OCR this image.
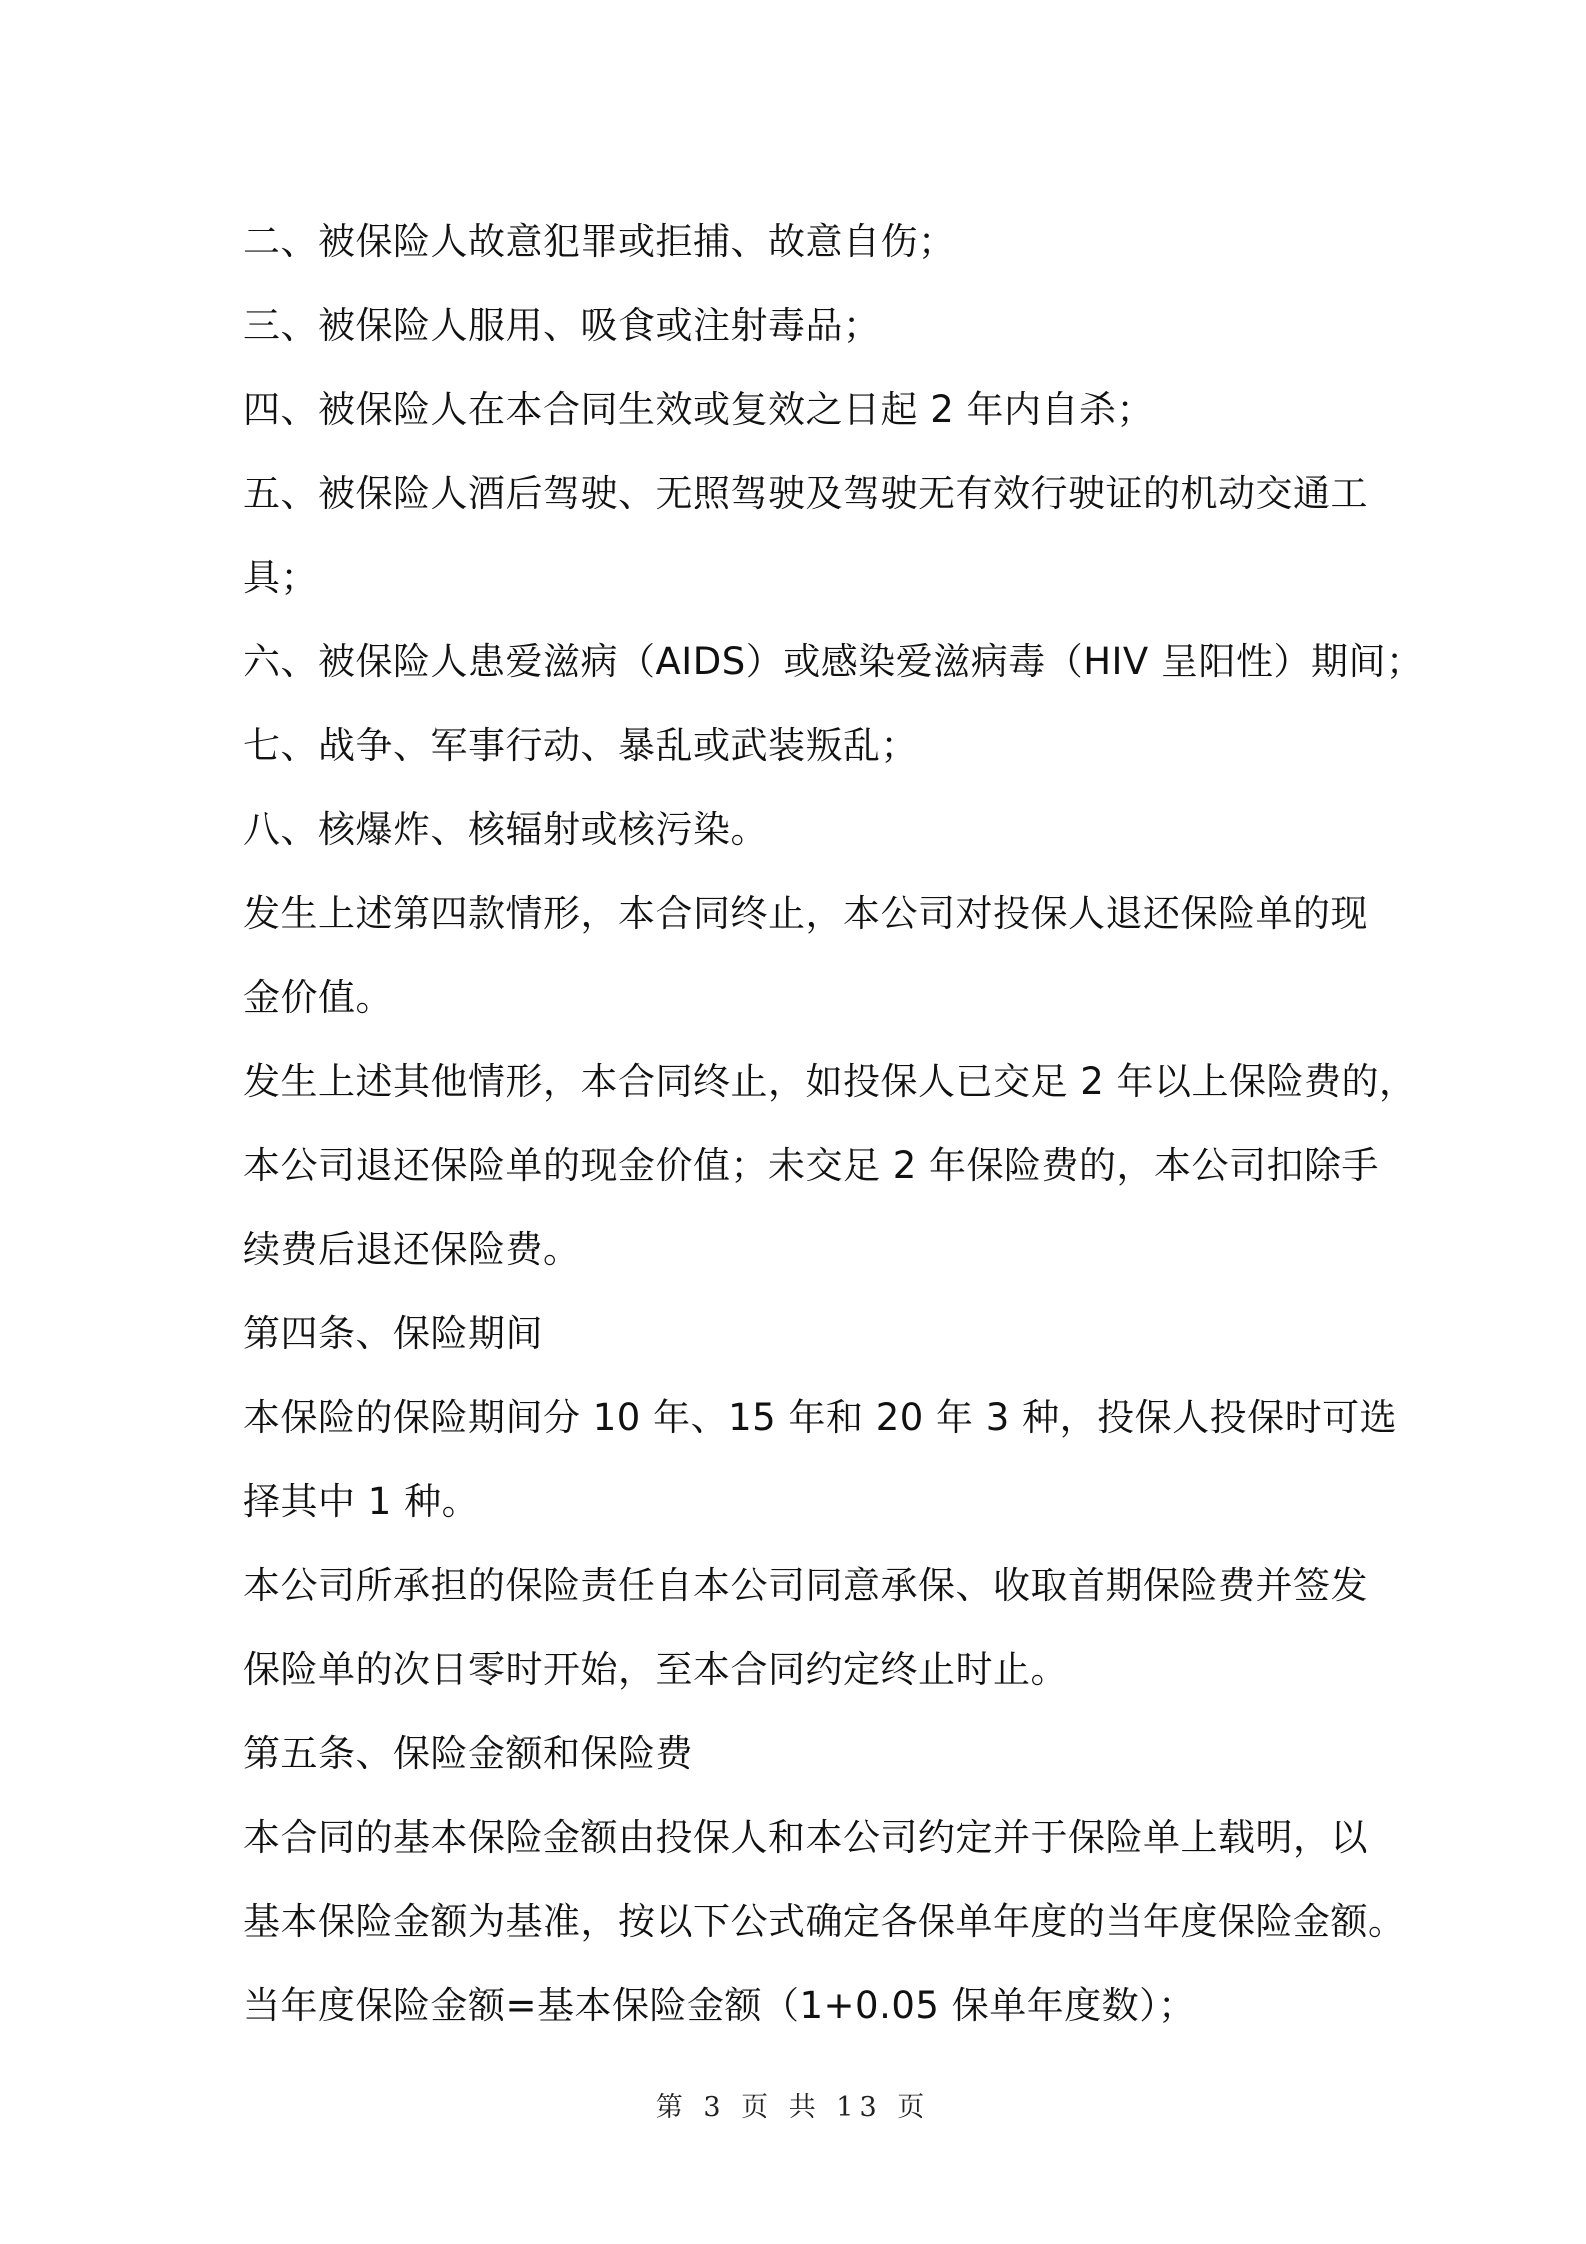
二、被保险人故意犯罪或拒捕、故意自伤；
三、被保险人服用、吸食或注射毒品；
四、被保险人在本合同生效或复效之日起 2 年内自杀；
五、被保险人酒后驾驶、无照驾驶及驾驶无有效行驶证的机动交通工
具；
六、被保险人患爱滋病（AIDS）或感染爱滋病毒（HIV 呈阳性）期间；
七、战争、军事行动、暴乱或武装叛乱；
八、核爆炸、核辐射或核污染。
发生上述第四款情形，本合同终止，本公司对投保人退还保险单的现
金价值。
发生上述其他情形，本合同终止，如投保人已交足 2 年以上保险费的，
本公司退还保险单的现金价值；未交足 2 年保险费的，本公司扣除手
续费后退还保险费。
第四条、保险期间
本保险的保险期间分 10 年、15 年和 20 年 3 种，投保人投保时可选
择其中 1 种。
本公司所承担的保险责任自本公司同意承保、收取首期保险费并签发
保险单的次日零时开始，至本合同约定终止时止。
第五条、保险金额和保险费
本合同的基本保险金额由投保人和本公司约定并于保险单上载明，以
基本保险金额为基准，按以下公式确定各保单年度的当年度保险金额。
当年度保险金额=基本保险金额（1+0.05 保单年度数）；
第 3 页 共 13 页
